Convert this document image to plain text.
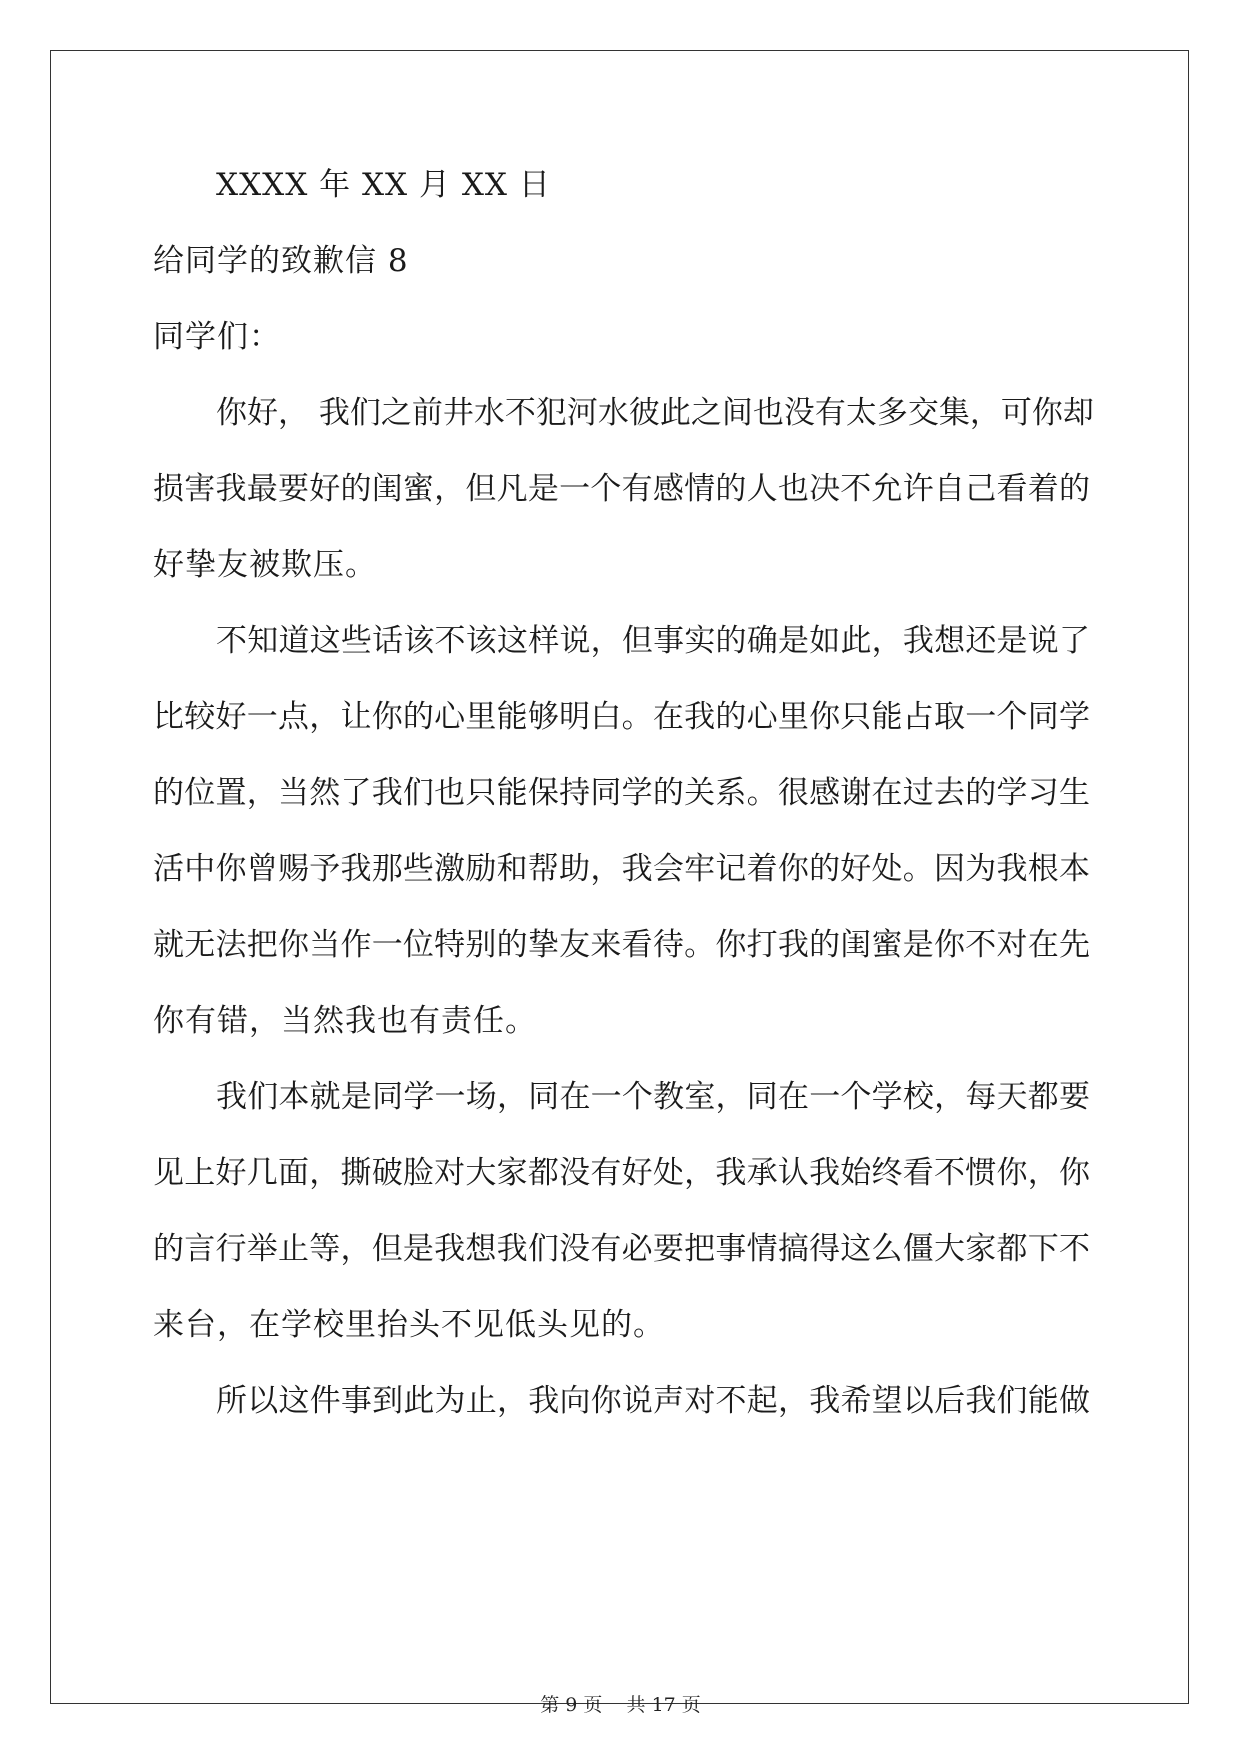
XXXX 年 XX 月 XX 日
给同学的致歉信 8
同学们：
你好， 我们之前井水不犯河水彼此之间也没有太多交集，可你却
损害我最要好的闺蜜，但凡是一个有感情的人也决不允许自己看着的
好挚友被欺压。
不知道这些话该不该这样说，但事实的确是如此，我想还是说了
比较好一点，让你的心里能够明白。在我的心里你只能占取一个同学
的位置，当然了我们也只能保持同学的关系。很感谢在过去的学习生
活中你曾赐予我那些激励和帮助，我会牢记着你的好处。因为我根本
就无法把你当作一位特别的挚友来看待。你打我的闺蜜是你不对在先
你有错，当然我也有责任。
我们本就是同学一场，同在一个教室，同在一个学校，每天都要
见上好几面，撕破脸对大家都没有好处，我承认我始终看不惯你，你
的言行举止等，但是我想我们没有必要把事情搞得这么僵大家都下不
来台，在学校里抬头不见低头见的。
所以这件事到此为止，我向你说声对不起，我希望以后我们能做
第 9 页 共 17 页
